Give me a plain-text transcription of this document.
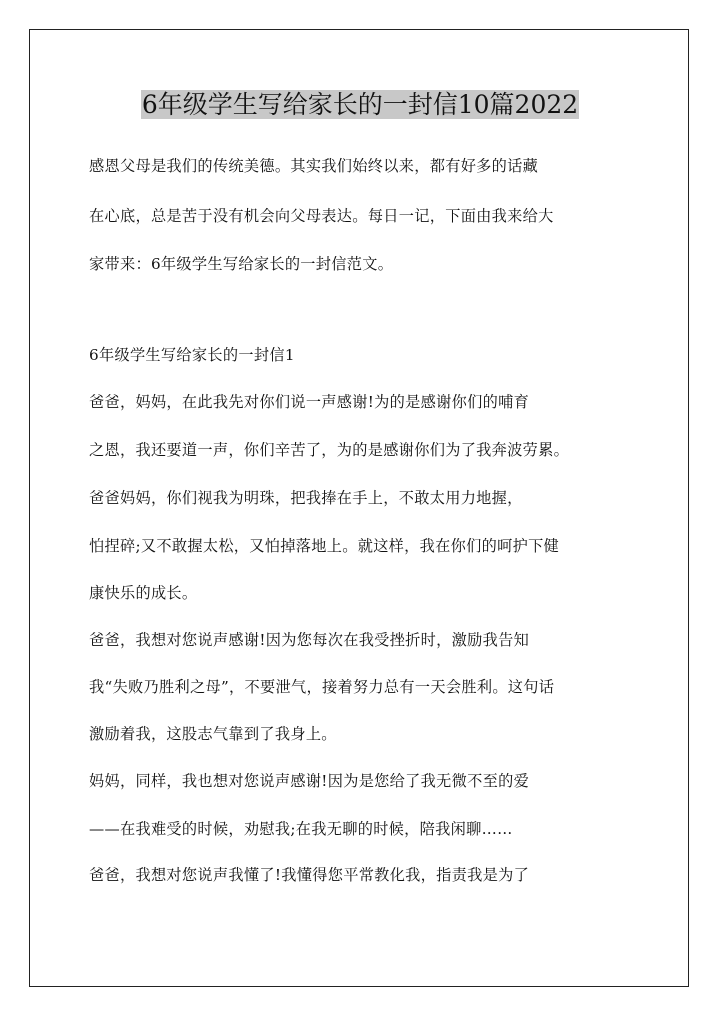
6年级学生写给家长的一封信10篇2022
感恩父母是我们的传统美德。其实我们始终以来，都有好多的话藏
在心底，总是苦于没有机会向父母表达。每日一记，下面由我来给大
家带来：6年级学生写给家长的一封信范文。
6年级学生写给家长的一封信1
爸爸，妈妈，在此我先对你们说一声感谢!为的是感谢你们的哺育
之恩，我还要道一声，你们辛苦了，为的是感谢你们为了我奔波劳累。
爸爸妈妈，你们视我为明珠，把我捧在手上，不敢太用力地握，
怕捏碎;又不敢握太松，又怕掉落地上。就这样，我在你们的呵护下健
康快乐的成长。
爸爸，我想对您说声感谢!因为您每次在我受挫折时，激励我告知
我“失败乃胜利之母”，不要泄气，接着努力总有一天会胜利。这句话
激励着我，这股志气靠到了我身上。
妈妈，同样，我也想对您说声感谢!因为是您给了我无微不至的爱
——在我难受的时候，劝慰我;在我无聊的时候，陪我闲聊……
爸爸，我想对您说声我懂了!我懂得您平常教化我，指责我是为了
